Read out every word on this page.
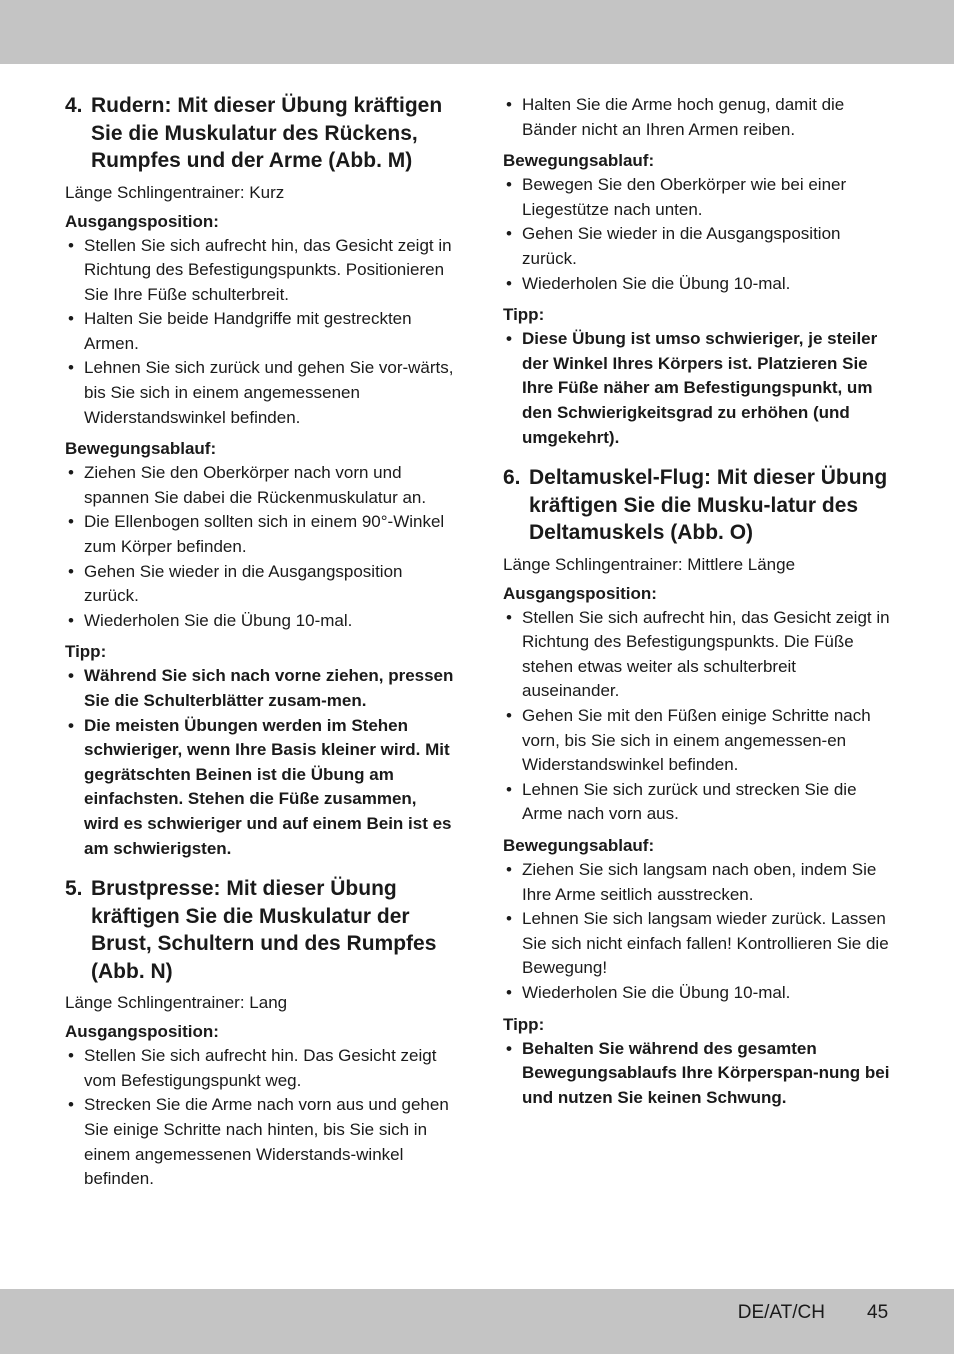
4. Rudern: Mit dieser Übung kräftigen Sie die Muskulatur des Rückens, Rumpfes und der Arme (Abb. M)
Länge Schlingentrainer: Kurz
Ausgangsposition:
• Stellen Sie sich aufrecht hin, das Gesicht zeigt in Richtung des Befestigungspunkts. Positionieren Sie Ihre Füße schulterbreit.
• Halten Sie beide Handgriffe mit gestreckten Armen.
• Lehnen Sie sich zurück und gehen Sie vor-wärts, bis Sie sich in einem angemessenen Widerstandswinkel befinden.
Bewegungsablauf:
• Ziehen Sie den Oberkörper nach vorn und spannen Sie dabei die Rückenmuskulatur an.
• Die Ellenbogen sollten sich in einem 90°-Winkel zum Körper befinden.
• Gehen Sie wieder in die Ausgangsposition zurück.
• Wiederholen Sie die Übung 10-mal.
Tipp:
• Während Sie sich nach vorne ziehen, pressen Sie die Schulterblätter zusam-men.
• Die meisten Übungen werden im Stehen schwieriger, wenn Ihre Basis kleiner wird. Mit gegrätschten Beinen ist die Übung am einfachsten. Stehen die Füße zusammen, wird es schwieriger und auf einem Bein ist es am schwierigsten.
5. Brustpresse: Mit dieser Übung kräftigen Sie die Muskulatur der Brust, Schultern und des Rumpfes (Abb. N)
Länge Schlingentrainer: Lang
Ausgangsposition:
• Stellen Sie sich aufrecht hin. Das Gesicht zeigt vom Befestigungspunkt weg.
• Strecken Sie die Arme nach vorn aus und gehen Sie einige Schritte nach hinten, bis Sie sich in einem angemessenen Widerstands-winkel befinden.
• Halten Sie die Arme hoch genug, damit die Bänder nicht an Ihren Armen reiben.
Bewegungsablauf:
• Bewegen Sie den Oberkörper wie bei einer Liegestütze nach unten.
• Gehen Sie wieder in die Ausgangsposition zurück.
• Wiederholen Sie die Übung 10-mal.
Tipp:
• Diese Übung ist umso schwieriger, je steiler der Winkel Ihres Körpers ist. Platzieren Sie Ihre Füße näher am Befestigungspunkt, um den Schwierigkeitsgrad zu erhöhen (und umgekehrt).
6. Deltamuskel-Flug: Mit dieser Übung kräftigen Sie die Musku-latur des Deltamuskels (Abb. O)
Länge Schlingentrainer: Mittlere Länge
Ausgangsposition:
• Stellen Sie sich aufrecht hin, das Gesicht zeigt in Richtung des Befestigungspunkts. Die Füße stehen etwas weiter als schulterbreit auseinander.
• Gehen Sie mit den Füßen einige Schritte nach vorn, bis Sie sich in einem angemessen-en Widerstandswinkel befinden.
• Lehnen Sie sich zurück und strecken Sie die Arme nach vorn aus.
Bewegungsablauf:
• Ziehen Sie sich langsam nach oben, indem Sie Ihre Arme seitlich ausstrecken.
• Lehnen Sie sich langsam wieder zurück. Lassen Sie sich nicht einfach fallen! Kontrollieren Sie die Bewegung!
• Wiederholen Sie die Übung 10-mal.
Tipp:
• Behalten Sie während des gesamten Bewegungsablaufs Ihre Körperspan-nung bei und nutzen Sie keinen Schwung.
DE/AT/CH 45
